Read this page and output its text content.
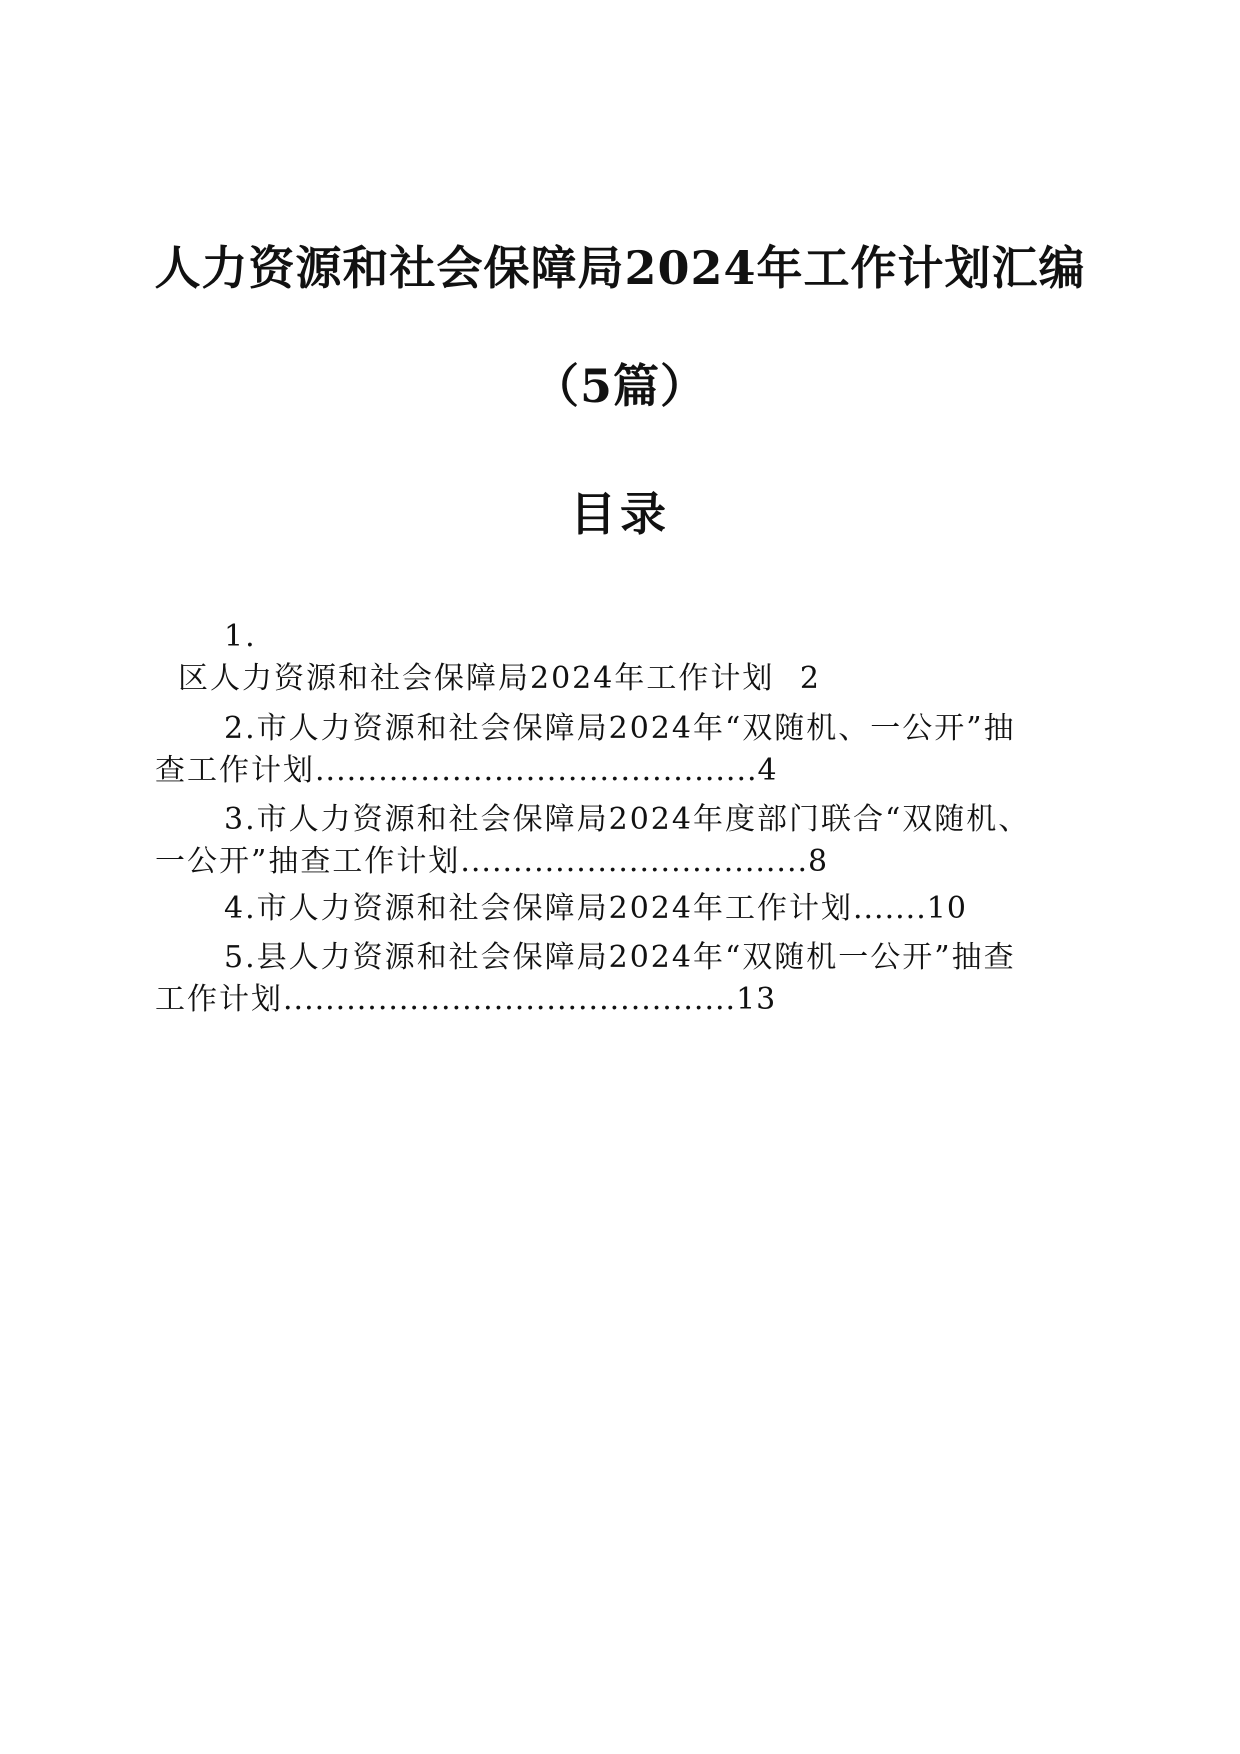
人力资源和社会保障局2024年工作计划汇编
（5篇）
目录
1.
区人力资源和社会保障局2024年工作计划 2
2.市人力资源和社会保障局2024年“双随机、一公开”抽
查工作计划..........................................4
3.市人力资源和社会保障局2024年度部门联合“双随机、
一公开”抽查工作计划.................................8
4.市人力资源和社会保障局2024年工作计划.......10
5.县人力资源和社会保障局2024年“双随机一公开”抽查
工作计划...........................................13
